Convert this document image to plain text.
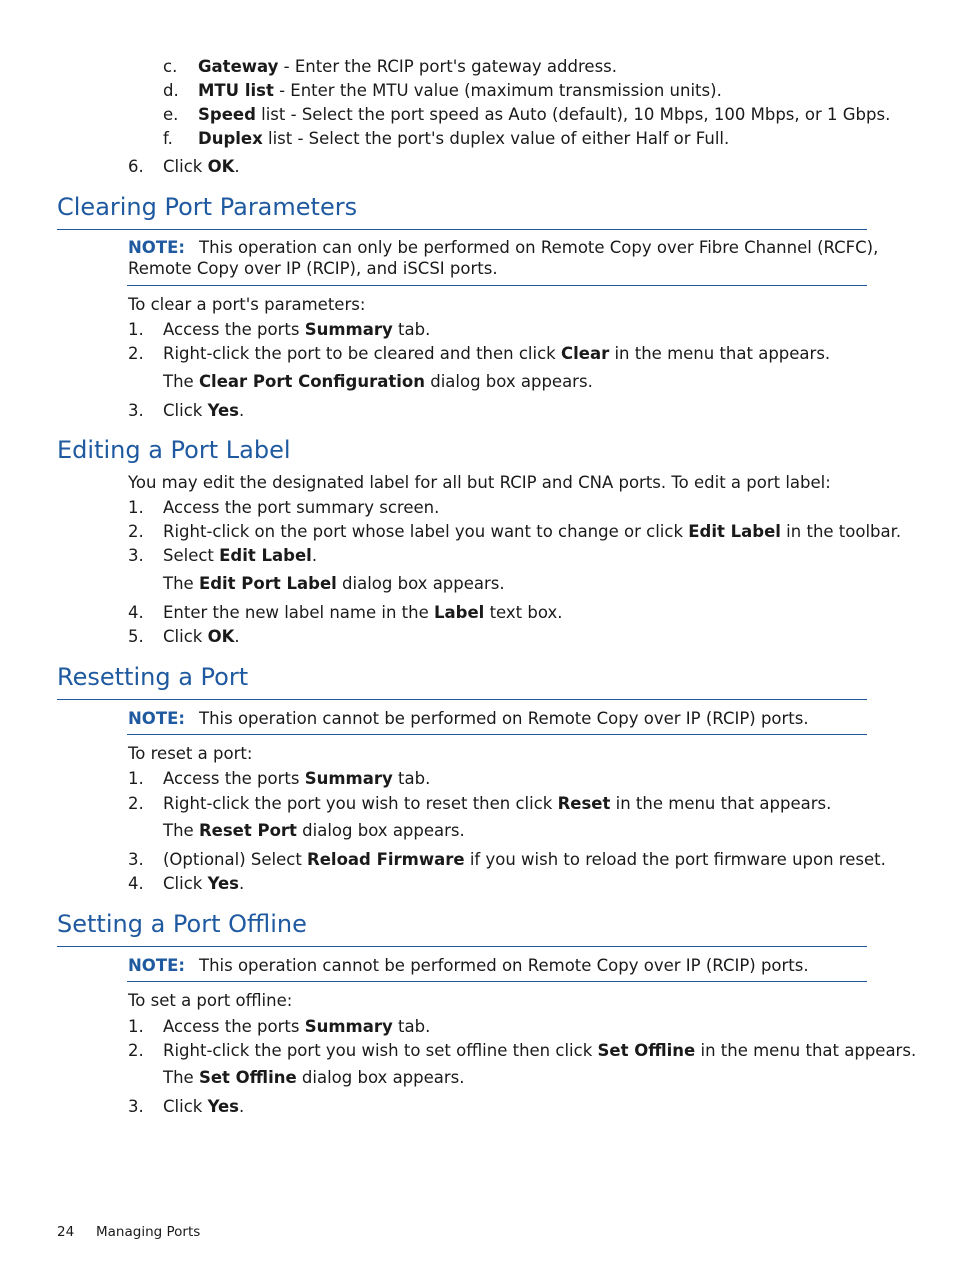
c. Gateway - Enter the RCIP port's gateway address.
d. MTU list - Enter the MTU value (maximum transmission units).
e. Speed list - Select the port speed as Auto (default), 10 Mbps, 100 Mbps, or 1 Gbps.
f. Duplex list - Select the port's duplex value of either Half or Full.
6. Click OK.
Clearing Port Parameters
NOTE: This operation can only be performed on Remote Copy over Fibre Channel (RCFC),
Remote Copy over IP (RCIP), and iSCSI ports.
To clear a port's parameters:
1. Access the ports Summary tab.
2. Right-click the port to be cleared and then click Clear in the menu that appears.
The Clear Port Configuration dialog box appears.
3. Click Yes.
Editing a Port Label
You may edit the designated label for all but RCIP and CNA ports. To edit a port label:
1. Access the port summary screen.
2. Right-click on the port whose label you want to change or click Edit Label in the toolbar.
3. Select Edit Label.
The Edit Port Label dialog box appears.
4. Enter the new label name in the Label text box.
5. Click OK.
Resetting a Port
NOTE: This operation cannot be performed on Remote Copy over IP (RCIP) ports.
To reset a port:
1. Access the ports Summary tab.
2. Right-click the port you wish to reset then click Reset in the menu that appears.
The Reset Port dialog box appears.
3. (Optional) Select Reload Firmware if you wish to reload the port firmware upon reset.
4. Click Yes.
Setting a Port Offline
NOTE: This operation cannot be performed on Remote Copy over IP (RCIP) ports.
To set a port offline:
1. Access the ports Summary tab.
2. Right-click the port you wish to set offline then click Set Offline in the menu that appears.
The Set Offline dialog box appears.
3. Click Yes.
24 Managing Ports
